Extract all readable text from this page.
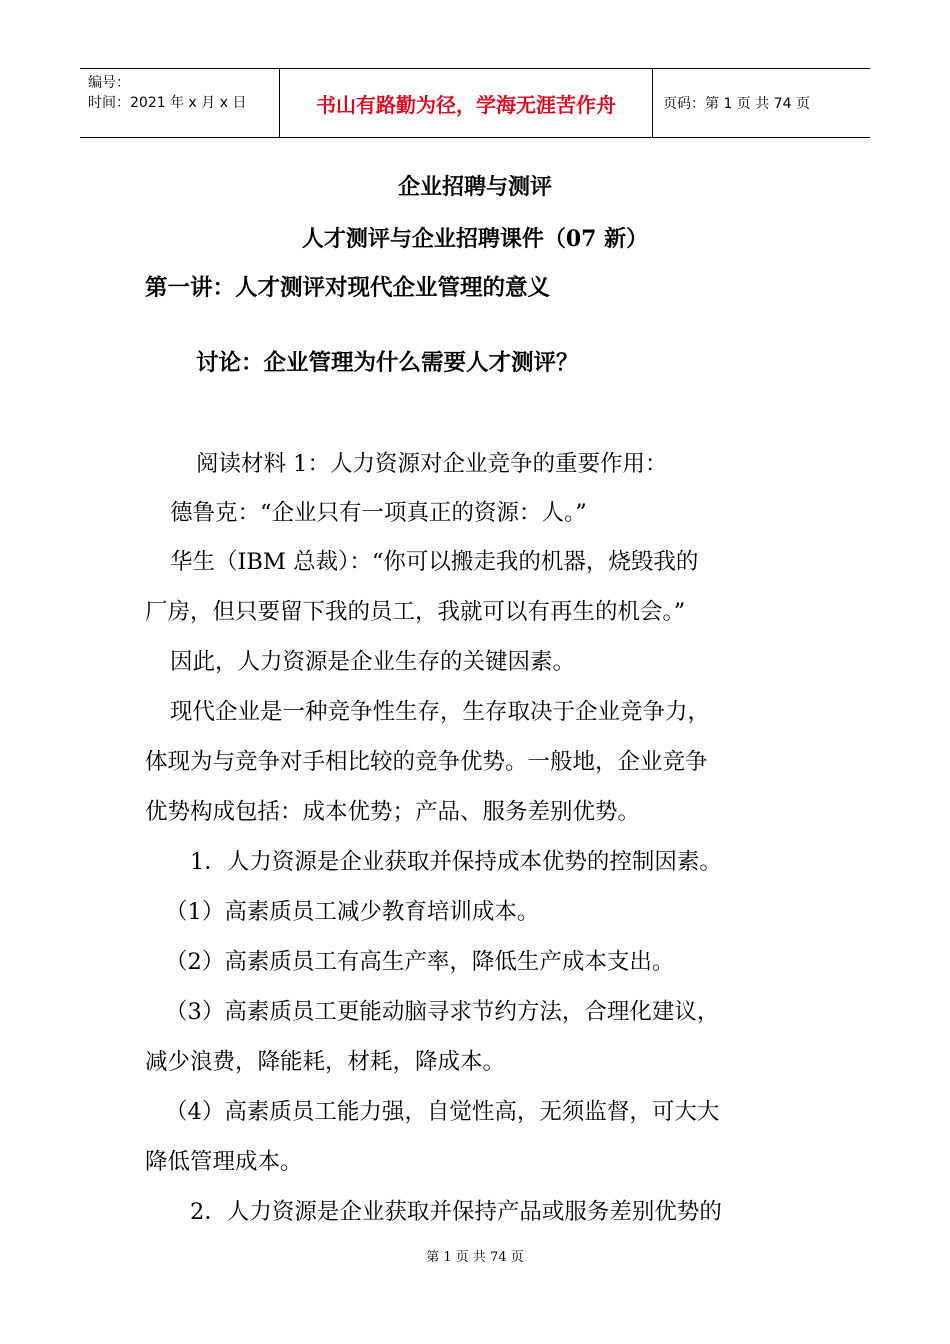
编号：
时间：2021 年 x 月 x 日	书山有路勤为径，学海无涯苦作舟	页码：第 1 页 共 74 页
企业招聘与测评
人才测评与企业招聘课件（07 新）
第一讲：人才测评对现代企业管理的意义
讨论：企业管理为什么需要人才测评？
阅读材料 1：人力资源对企业竞争的重要作用：
德鲁克：“企业只有一项真正的资源：人。”
华生（IBM 总裁）：“你可以搬走我的机器，烧毁我的
厂房，但只要留下我的员工，我就可以有再生的机会。”
因此，人力资源是企业生存的关键因素。
现代企业是一种竞争性生存，生存取决于企业竞争力，
体现为与竞争对手相比较的竞争优势。一般地，企业竞争
优势构成包括：成本优势；产品、服务差别优势。
1．人力资源是企业获取并保持成本优势的控制因素。
（1）高素质员工减少教育培训成本。
（2）高素质员工有高生产率，降低生产成本支出。
（3）高素质员工更能动脑寻求节约方法，合理化建议，
减少浪费，降能耗，材耗，降成本。
（4）高素质员工能力强，自觉性高，无须监督，可大大
降低管理成本。
2．人力资源是企业获取并保持产品或服务差别优势的
第 1 页 共 74 页
